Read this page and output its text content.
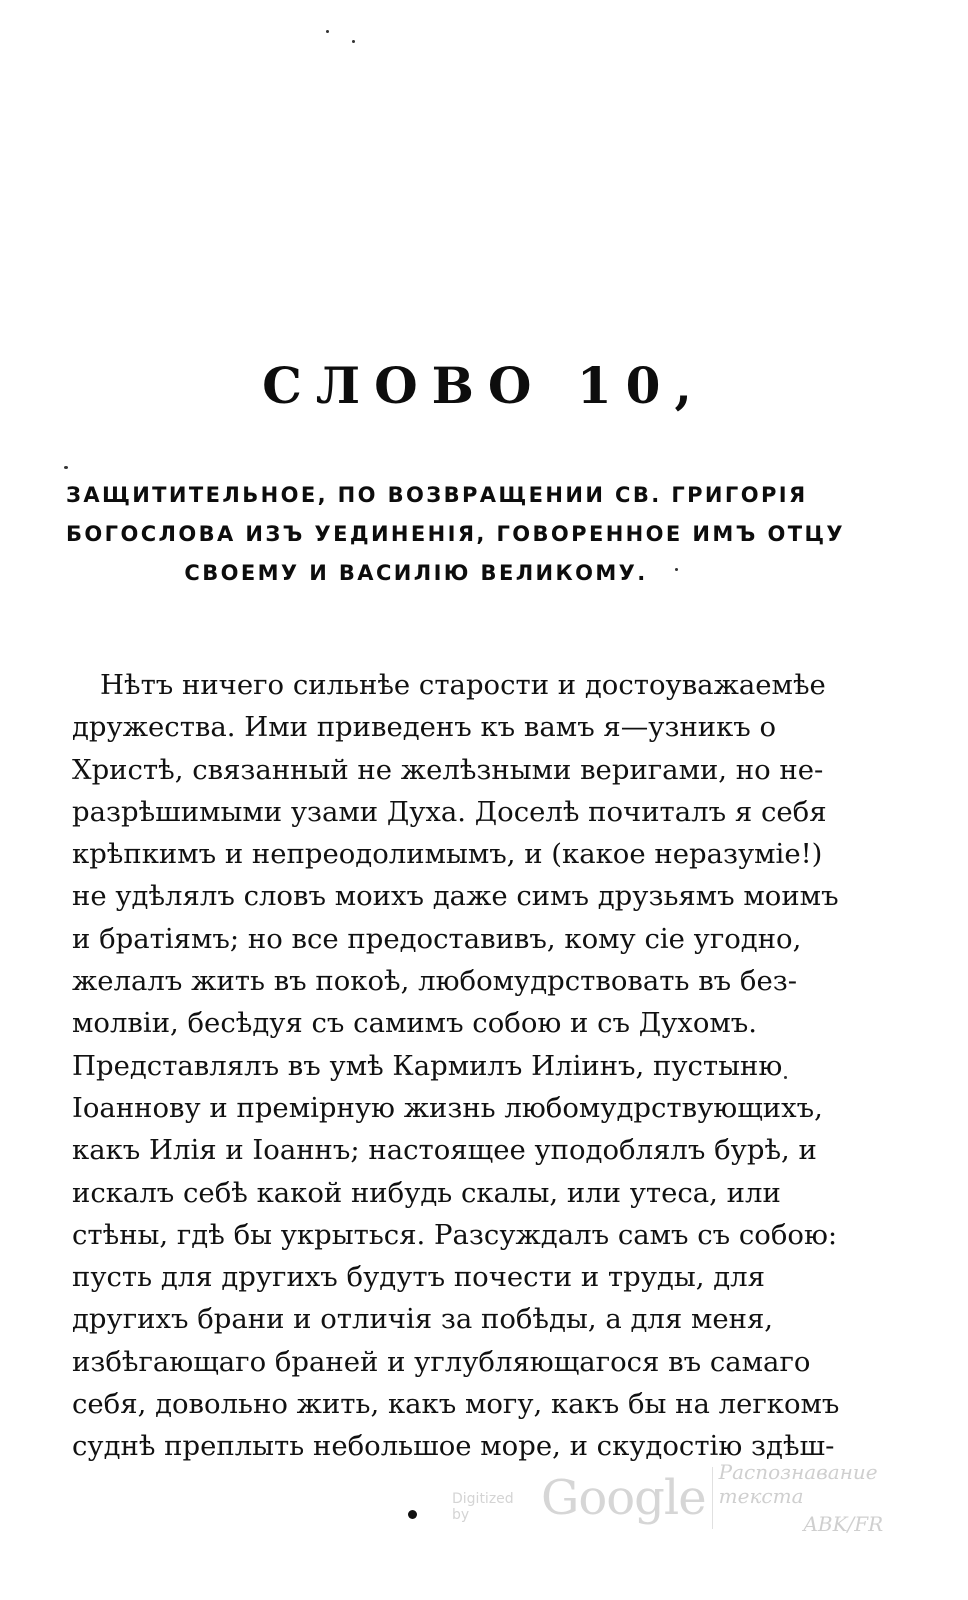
СЛОВО 10,
ЗАЩИТИТЕЛЬНОЕ, ПО ВОЗВРАЩЕНИИ СВ. ГРИГОРІЯ
БОГОСЛОВА ИЗЪ УЕДИНЕНІЯ, ГОВОРЕННОЕ ИМЪ ОТЦУ
СВОЕМУ И ВАСИЛІЮ ВЕЛИКОМУ.
Нѣтъ ничего сильнѣе старости и достоуважаемѣе
дружества. Ими приведенъ къ вамъ я—узникъ о
Христѣ, связанный не желѣзными веригами, но не-
разрѣшимыми узами Духа. Доселѣ почиталъ я себя
крѣпкимъ и непреодолимымъ, и (какое неразуміе!)
не удѣлялъ словъ моихъ даже симъ друзьямъ моимъ
и братіямъ; но все предоставивъ, кому сіе угодно,
желалъ жить въ покоѣ, любомудрствовать въ без-
молвіи, бесѣдуя съ самимъ собою и съ Духомъ.
Представлялъ въ умѣ Кармилъ Иліинъ, пустыню
Іоаннову и премірную жизнь любомудрствующихъ,
какъ Илія и Іоаннъ; настоящее уподоблялъ бурѣ, и
искалъ себѣ какой нибудь скалы, или утеса, или
стѣны, гдѣ бы укрыться. Разсуждалъ самъ съ собою:
пусть для другихъ будутъ почести и труды, для
другихъ брани и отличія за побѣды, а для меня,
избѣгающаго браней и углубляющагося въ самаго
себя, довольно жить, какъ могу, какъ бы на легкомъ
суднѣ преплыть небольшое море, и скудостію здѣш-
Digitized by	Google Распознавание текста
ABK/FR
